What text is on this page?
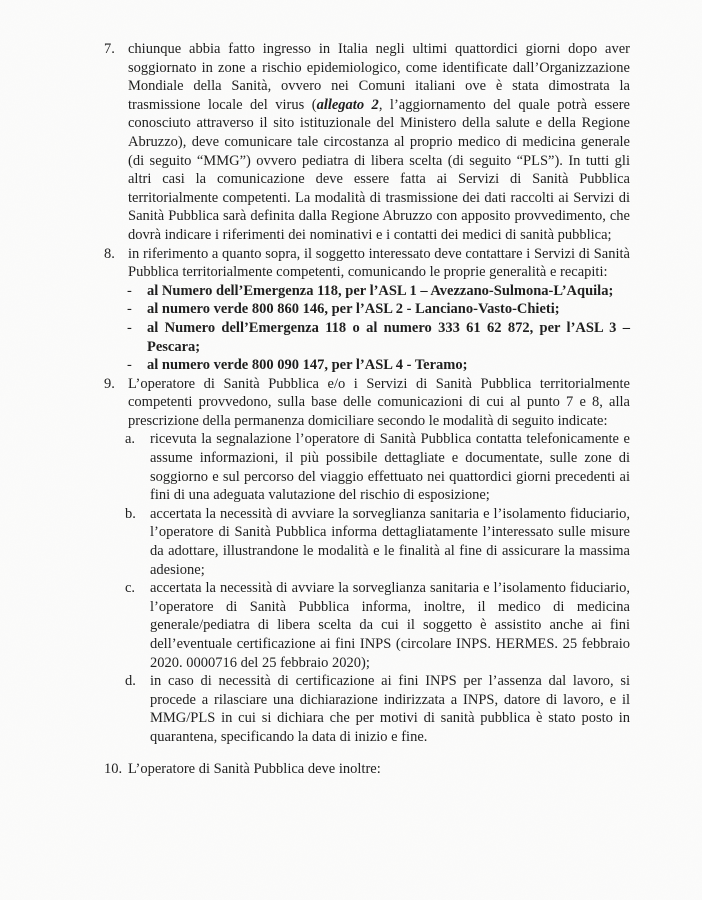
7. chiunque abbia fatto ingresso in Italia negli ultimi quattordici giorni dopo aver soggiornato in zone a rischio epidemiologico, come identificate dall’Organizzazione Mondiale della Sanità, ovvero nei Comuni italiani ove è stata dimostrata la trasmissione locale del virus (allegato 2, l’aggiornamento del quale potrà essere conosciuto attraverso il sito istituzionale del Ministero della salute e della Regione Abruzzo), deve comunicare tale circostanza al proprio medico di medicina generale (di seguito “MMG”) ovvero pediatra di libera scelta (di seguito “PLS”). In tutti gli altri casi la comunicazione deve essere fatta ai Servizi di Sanità Pubblica territorialmente competenti. La modalità di trasmissione dei dati raccolti ai Servizi di Sanità Pubblica sarà definita dalla Regione Abruzzo con apposito provvedimento, che dovrà indicare i riferimenti dei nominativi e i contatti dei medici di sanità pubblica;
8. in riferimento a quanto sopra, il soggetto interessato deve contattare i Servizi di Sanità Pubblica territorialmente competenti, comunicando le proprie generalità e recapiti:
- al Numero dell’Emergenza 118, per l’ASL 1 – Avezzano-Sulmona-L’Aquila;
- al numero verde 800 860 146, per l’ASL 2 - Lanciano-Vasto-Chieti;
- al Numero dell’Emergenza 118 o al numero 333 61 62 872, per l’ASL 3 – Pescara;
- al numero verde 800 090 147, per l’ASL 4 - Teramo;
9. L’operatore di Sanità Pubblica e/o i Servizi di Sanità Pubblica territorialmente competenti provvedono, sulla base delle comunicazioni di cui al punto 7 e 8, alla prescrizione della permanenza domiciliare secondo le modalità di seguito indicate:
a. ricevuta la segnalazione l’operatore di Sanità Pubblica contatta telefonicamente e assume informazioni, il più possibile dettagliate e documentate, sulle zone di soggiorno e sul percorso del viaggio effettuato nei quattordici giorni precedenti ai fini di una adeguata valutazione del rischio di esposizione;
b. accertata la necessità di avviare la sorveglianza sanitaria e l’isolamento fiduciario, l’operatore di Sanità Pubblica informa dettagliatamente l’interessato sulle misure da adottare, illustrandone le modalità e le finalità al fine di assicurare la massima adesione;
c. accertata la necessità di avviare la sorveglianza sanitaria e l’isolamento fiduciario, l’operatore di Sanità Pubblica informa, inoltre, il medico di medicina generale/pediatra di libera scelta da cui il soggetto è assistito anche ai fini dell’eventuale certificazione ai fini INPS (circolare INPS. HERMES. 25 febbraio 2020. 0000716 del 25 febbraio 2020);
d. in caso di necessità di certificazione ai fini INPS per l’assenza dal lavoro, si procede a rilasciare una dichiarazione indirizzata a INPS, datore di lavoro, e il MMG/PLS in cui si dichiara che per motivi di sanità pubblica è stato posto in quarantena, specificando la data di inizio e fine.
10. L’operatore di Sanità Pubblica deve inoltre:
